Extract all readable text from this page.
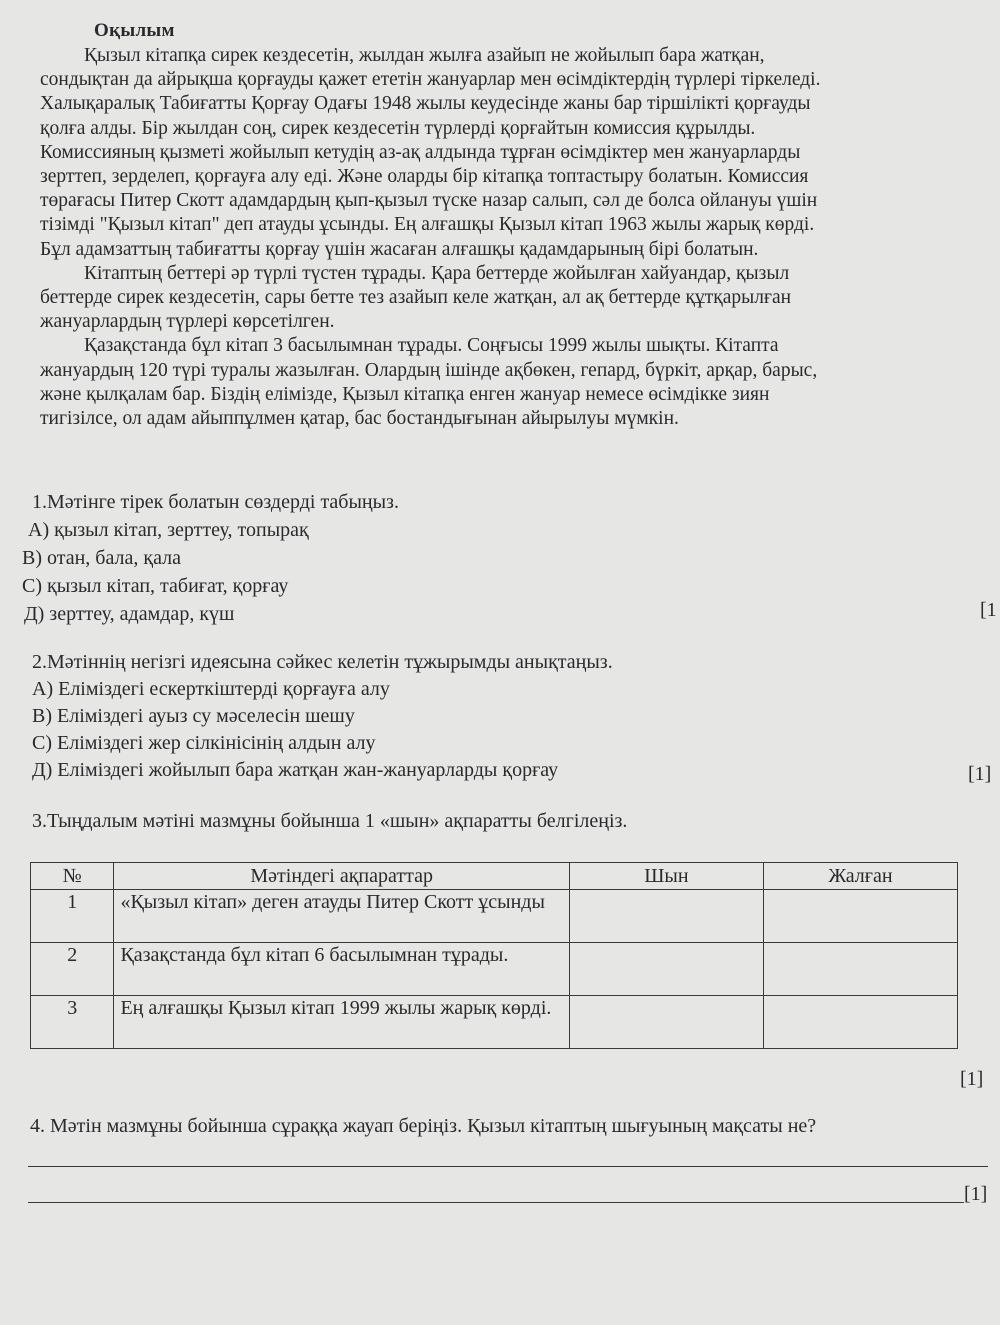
Оқылым
Қызыл кітапқа сирек кездесетін, жылдан жылға азайып не жойылып бара жатқан,
сондықтан да айрықша қорғауды қажет ететін жануарлар мен өсімдіктердің түрлері тіркеледі.
Халықаралық Табиғатты Қорғау Одағы 1948 жылы кеудесінде жаны бар тіршілікті қорғауды
қолға алды. Бір жылдан соң, сирек кездесетін түрлерді қорғайтын комиссия құрылды.
Комиссияның қызметі жойылып кетудің аз-ақ алдында тұрған өсімдіктер мен жануарларды
зерттеп, зерделеп, қорғауға алу еді. Және оларды бір кітапқа топтастыру болатын. Комиссия
төрағасы Питер Скотт адамдардың қып-қызыл түске назар салып, сәл де болса ойлануы үшін
тізімді "Қызыл кітап" деп атауды ұсынды. Ең алғашқы Қызыл кітап 1963 жылы жарық көрді.
Бұл адамзаттың табиғатты қорғау үшін жасаған алғашқы қадамдарының бірі болатын.
Кітаптың беттері әр түрлі түстен тұрады. Қара беттерде жойылған хайуандар, қызыл
беттерде сирек кездесетін, сары бетте тез азайып келе жатқан, ал ақ беттерде құтқарылған
жануарлардың түрлері көрсетілген.
Қазақстанда бұл кітап 3 басылымнан тұрады. Соңғысы 1999 жылы шықты. Кітапта
жануардың 120 түрі туралы жазылған. Олардың ішінде ақбөкен, гепард, бүркіт, арқар, барыс,
және қылқалам бар. Біздің елімізде, Қызыл кітапқа енген жануар немесе өсімдікке зиян
тигізілсе, ол адам айыппұлмен қатар, бас бостандығынан айырылуы мүмкін.
1.Мәтінге тірек болатын сөздерді табыңыз.
А) қызыл кітап, зерттеу, топырақ
В) отан, бала, қала
С) қызыл кітап, табиғат, қорғау
Д) зерттеу, адамдар, күш	[1
2.Мәтіннің негізгі идеясына сәйкес келетін тұжырымды анықтаңыз.
А) Еліміздегі ескерткіштерді қорғауға алу
В) Еліміздегі ауыз су мәселесін шешу
С) Еліміздегі жер сілкінісінің алдын алу
Д) Еліміздегі жойылып бара жатқан жан-жануарларды қорғау	[1]
3.Тыңдалым мәтіні мазмұны бойынша 1 «шын» ақпаратты белгілеңіз.
№	Мәтіндегі ақпараттар	Шын	Жалған
1	«Қызыл кітап» деген атауды Питер Скотт ұсынды		
2	Қазақстанда бұл кітап 6 басылымнан тұрады.		
3	Ең алғашқы Қызыл кітап 1999 жылы жарық көрді.		
[1]
4. Мәтін мазмұны бойынша сұраққа жауап беріңіз. Қызыл кітаптың шығуының мақсаты не?
[1]
